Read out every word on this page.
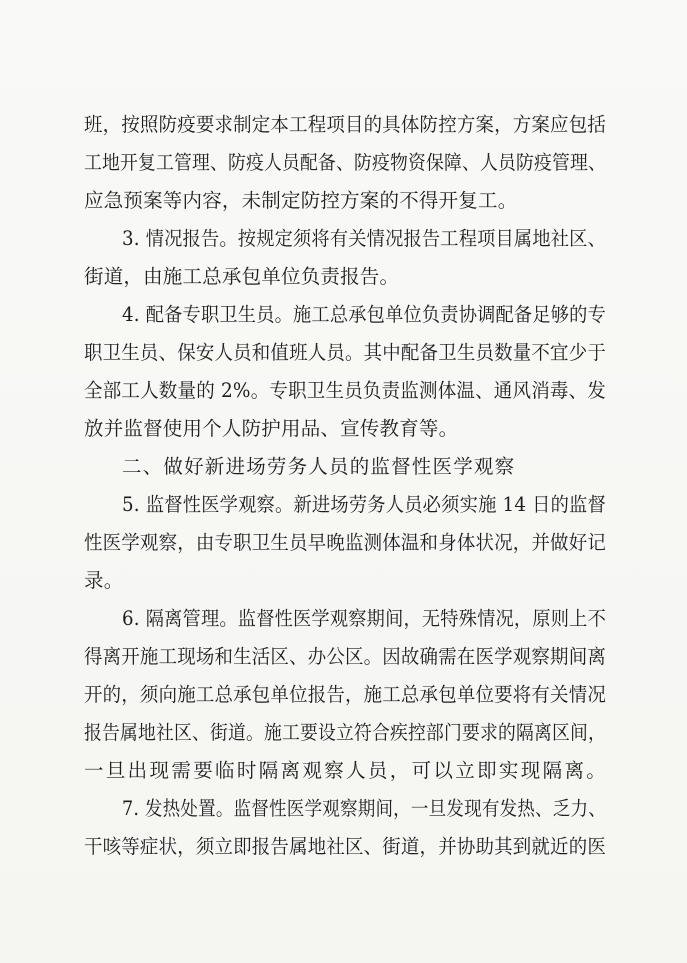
班，按照防疫要求制定本工程项目的具体防控方案，方案应包括
工地开复工管理、防疫人员配备、防疫物资保障、人员防疫管理、
应急预案等内容，未制定防控方案的不得开复工。
3. 情况报告。按规定须将有关情况报告工程项目属地社区、
街道，由施工总承包单位负责报告。
4. 配备专职卫生员。施工总承包单位负责协调配备足够的专
职卫生员、保安人员和值班人员。其中配备卫生员数量不宜少于
全部工人数量的 2%。专职卫生员负责监测体温、通风消毒、发
放并监督使用个人防护用品、宣传教育等。
二、做好新进场劳务人员的监督性医学观察
5. 监督性医学观察。新进场劳务人员必须实施 14 日的监督
性医学观察，由专职卫生员早晚监测体温和身体状况，并做好记
录。
6. 隔离管理。监督性医学观察期间，无特殊情况，原则上不
得离开施工现场和生活区、办公区。因故确需在医学观察期间离
开的，须向施工总承包单位报告，施工总承包单位要将有关情况
报告属地社区、街道。施工要设立符合疾控部门要求的隔离区间，
一旦出现需要临时隔离观察人员，可以立即实现隔离。
7. 发热处置。监督性医学观察期间，一旦发现有发热、乏力、
干咳等症状，须立即报告属地社区、街道，并协助其到就近的医
